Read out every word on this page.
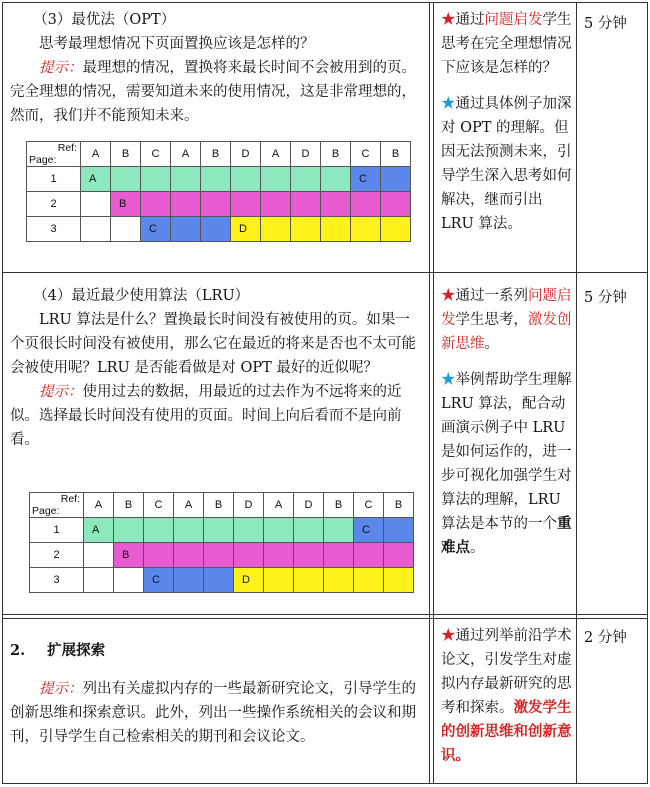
（3）最优法（OPT）

思考最理想情况下页面置换应该是怎样的？

提示：最理想的情况，置换将来最长时间不会被用到的页。完全理想的情况，需要知道未来的使用情况，这是非常理想的，然而，我们并不能预知未来。

Ref:
Page:	A	B	C	A	B	D	A	D	B	C	B
1	A									C	
2		B									
3			C			D					

★通过问题启发学生思考在完全理想情况下应该是怎样的？

★通过具体例子加深对 OPT 的理解。但因无法预测未来，引导学生深入思考如何解决，继而引出 LRU 算法。

5 分钟

（4）最近最少使用算法（LRU）

LRU 算法是什么？置换最长时间没有被使用的页。如果一个页很长时间没有被使用，那么它在最近的将来是否也不太可能会被使用呢？LRU 是否能看做是对 OPT 最好的近似呢？

提示：使用过去的数据，用最近的过去作为不远将来的近似。选择最长时间没有使用的页面。时间上向后看而不是向前看。

Ref:
Page:	A	B	C	A	B	D	A	D	B	C	B
1	A									C	
2		B									
3			C			D					

★通过一系列问题启发学生思考，激发创新思维。

★举例帮助学生理解 LRU 算法，配合动画演示例子中 LRU 是如何运作的，进一步可视化加强学生对算法的理解，LRU 算法是本节的一个重难点。

5 分钟

2. 扩展探索

提示：列出有关虚拟内存的一些最新研究论文，引导学生的创新思维和探索意识。此外，列出一些操作系统相关的会议和期刊，引导学生自己检索相关的期刊和会议论文。

★通过列举前沿学术论文，引发学生对虚拟内存最新研究的思考和探索。激发学生的创新思维和创新意识。

2 分钟
